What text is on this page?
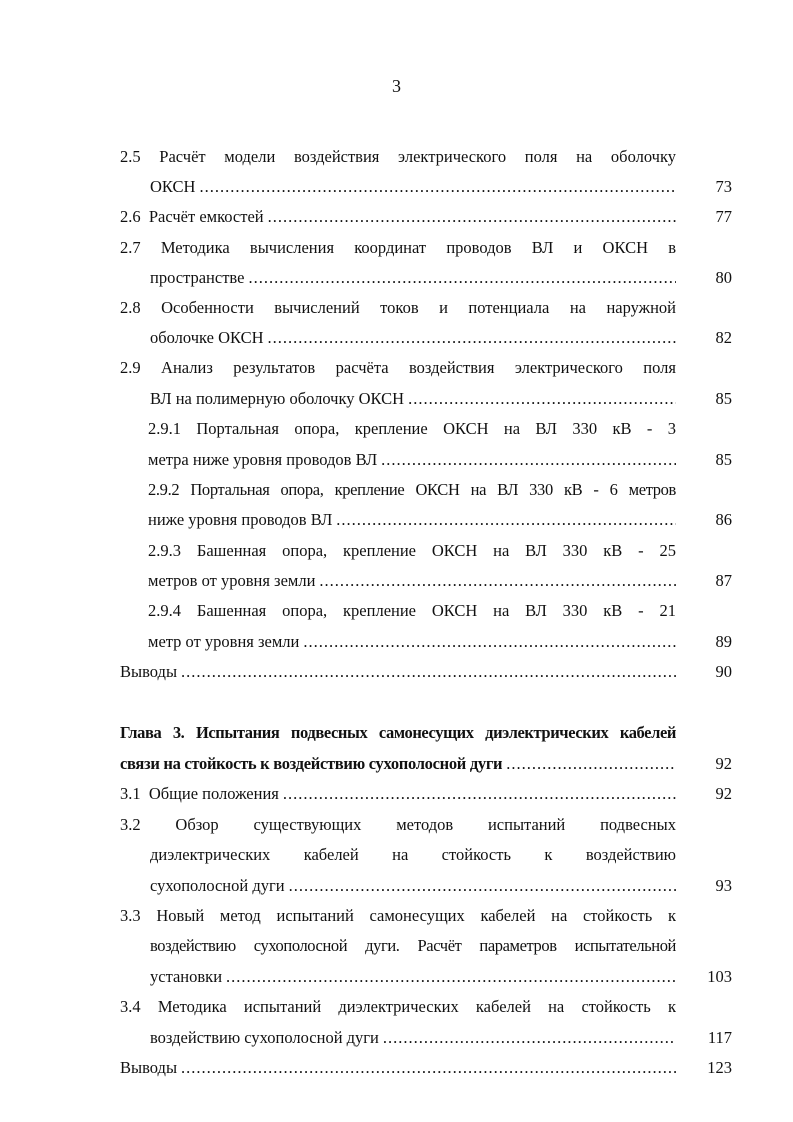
3
2.5 Расчёт модели воздействия электрического поля на оболочку
ОКСН .....	73
2.6  Расчёт емкостей .....	77
2.7 Методика вычисления координат проводов ВЛ и ОКСН в
пространстве .....	80
2.8 Особенности вычислений токов и потенциала на наружной
оболочке ОКСН .....	82
2.9 Анализ результатов расчёта воздействия электрического поля
ВЛ на полимерную оболочку ОКСН .....	85
2.9.1 Портальная опора, крепление ОКСН на ВЛ 330 кВ - 3
метра ниже уровня проводов ВЛ .....	85
2.9.2 Портальная опора, крепление ОКСН на ВЛ 330 кВ - 6 метров
ниже уровня проводов ВЛ .....	86
2.9.3 Башенная опора, крепление ОКСН на ВЛ 330 кВ - 25
метров от уровня земли .....	87
2.9.4 Башенная опора, крепление ОКСН на ВЛ 330 кВ - 21
метр от уровня земли .....	89
Выводы .....	90
Глава 3. Испытания подвесных самонесущих диэлектрических кабелей
связи на стойкость к воздействию сухополосной дуги .....	92
3.1  Общие положения .....	92
3.2 Обзор существующих методов испытаний подвесных
диэлектрических кабелей на стойкость к воздействию
сухополосной дуги .....	93
3.3 Новый метод испытаний самонесущих кабелей на стойкость к
воздействию сухополосной дуги. Расчёт параметров испытательной
установки .....	103
3.4 Методика испытаний диэлектрических кабелей на стойкость к
воздействию сухополосной дуги .....	117
Выводы .....	123
